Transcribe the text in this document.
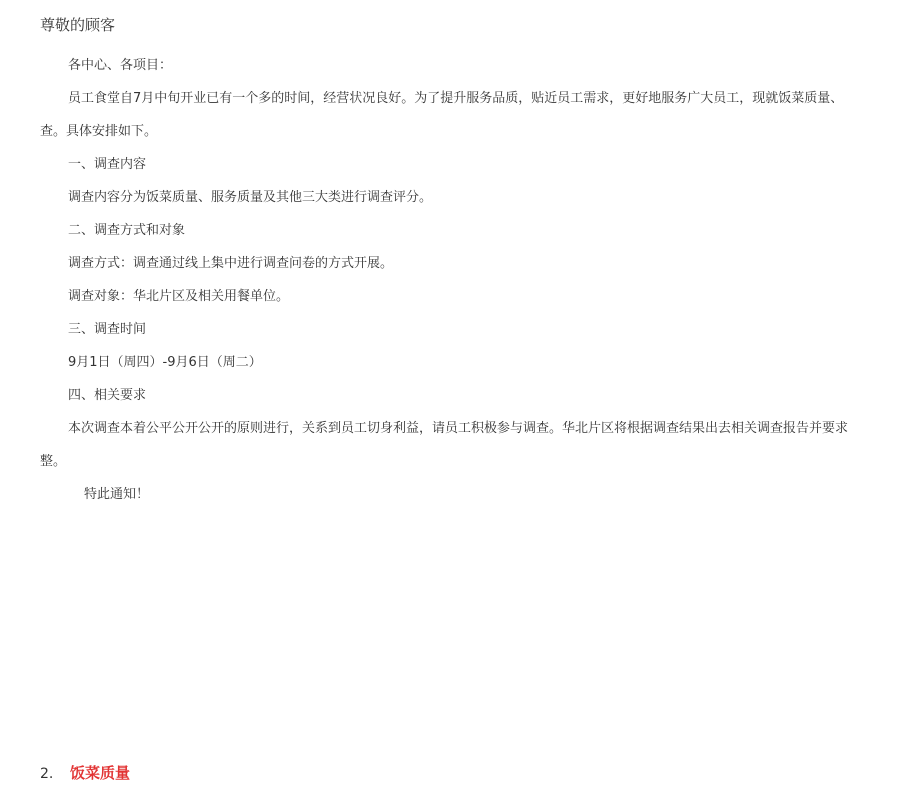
尊敬的顾客
各中心、各项目：
员工食堂自7月中旬开业已有一个多的时间，经营状况良好。为了提升服务品质，贴近员工需求，更好地服务广大员工，现就饭菜质量、
查。具体安排如下。
一、调查内容
调查内容分为饭菜质量、服务质量及其他三大类进行调查评分。
二、调查方式和对象
调查方式：调查通过线上集中进行调查问卷的方式开展。
调查对象：华北片区及相关用餐单位。
三、调查时间
9月1日（周四）-9月6日（周二）
四、相关要求
本次调查本着公平公开公开的原则进行，关系到员工切身利益，请员工积极参与调查。华北片区将根据调查结果出去相关调查报告并要求
整。
特此通知！
2. 饭菜质量
